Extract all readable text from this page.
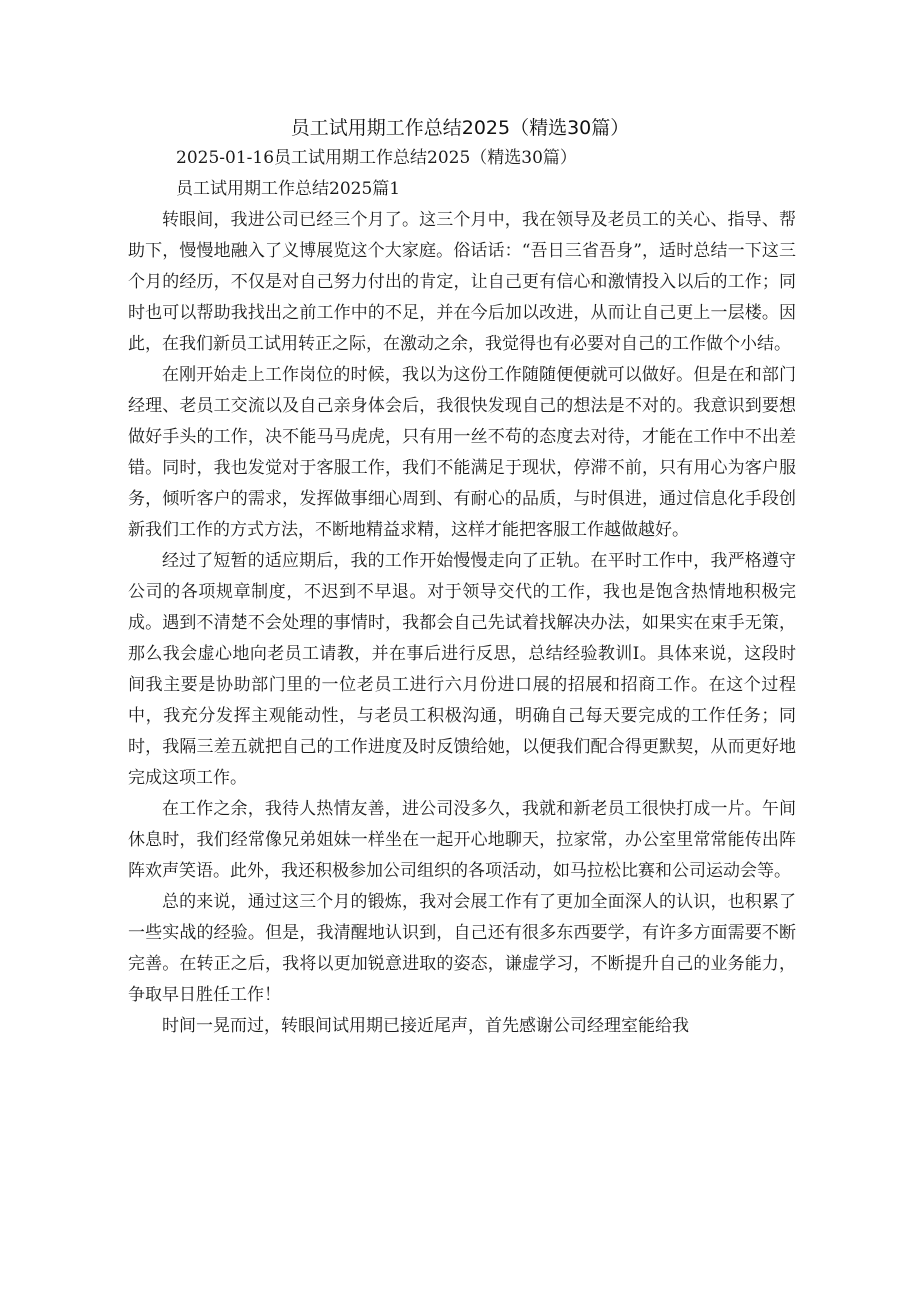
员工试用期工作总结2025（精选30篇）
2025-01-16员工试用期工作总结2025（精选30篇）
员工试用期工作总结2025篇1

转眼间，我进公司已经三个月了。这三个月中，我在领导及老员工的关心、指导、帮助下，慢慢地融入了义博展览这个大家庭。俗话话：“吾日三省吾身”，适时总结一下这三个月的经历，不仅是对自己努力付出的肯定，让自己更有信心和激情投入以后的工作；同时也可以帮助我找出之前工作中的不足，并在今后加以改进，从而让自己更上一层楼。因此，在我们新员工试用转正之际，在激动之余，我觉得也有必要对自己的工作做个小结。

在刚开始走上工作岗位的时候，我以为这份工作随随便便就可以做好。但是在和部门经理、老员工交流以及自己亲身体会后，我很快发现自己的想法是不对的。我意识到要想做好手头的工作，决不能马马虎虎，只有用一丝不苟的态度去对待，才能在工作中不出差错。同时，我也发觉对于客服工作，我们不能满足于现状，停滞不前，只有用心为客户服务，倾听客户的需求，发挥做事细心周到、有耐心的品质，与时俱进，通过信息化手段创新我们工作的方式方法，不断地精益求精，这样才能把客服工作越做越好。

经过了短暂的适应期后，我的工作开始慢慢走向了正轨。在平时工作中，我严格遵守公司的各项规章制度，不迟到不早退。对于领导交代的工作，我也是饱含热情地积极完成。遇到不清楚不会处理的事情时，我都会自己先试着找解决办法，如果实在束手无策，那么我会虚心地向老员工请教，并在事后进行反思，总结经验教训I。具体来说，这段时间我主要是协助部门里的一位老员工进行六月份进口展的招展和招商工作。在这个过程中，我充分发挥主观能动性，与老员工积极沟通，明确自己每天要完成的工作任务；同时，我隔三差五就把自己的工作进度及时反馈给她，以便我们配合得更默契，从而更好地完成这项工作。

在工作之余，我待人热情友善，进公司没多久，我就和新老员工很快打成一片。午间休息时，我们经常像兄弟姐妹一样坐在一起开心地聊天，拉家常，办公室里常常能传出阵阵欢声笑语。此外，我还积极参加公司组织的各项活动，如马拉松比赛和公司运动会等。

总的来说，通过这三个月的锻炼，我对会展工作有了更加全面深人的认识，也积累了一些实战的经验。但是，我清醒地认识到，自己还有很多东西要学，有许多方面需要不断完善。在转正之后，我将以更加锐意进取的姿态，谦虚学习，不断提升自己的业务能力，争取早日胜任工作！

时间一晃而过，转眼间试用期已接近尾声，首先感谢公司经理室能给我
